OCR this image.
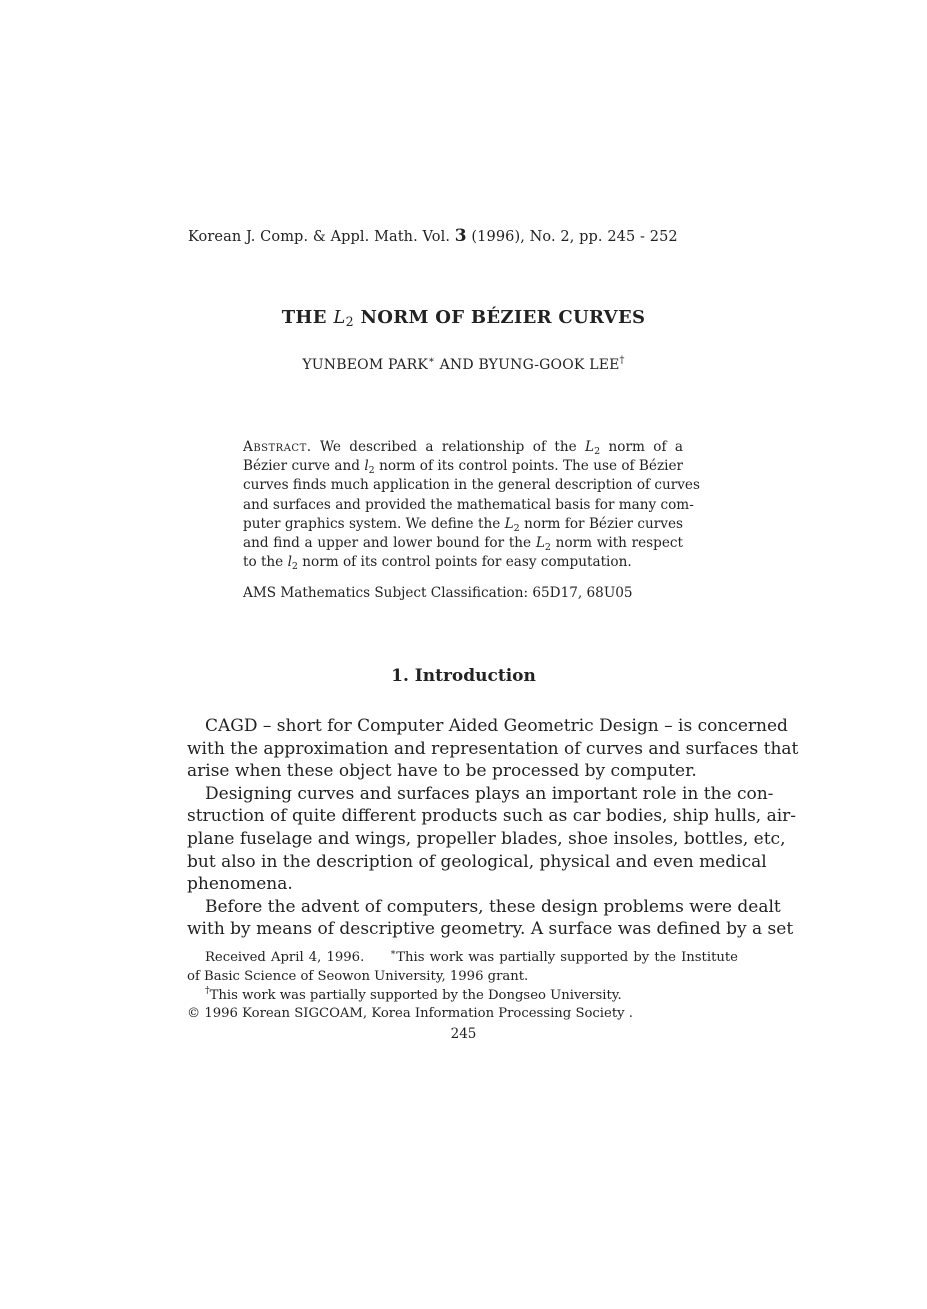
Korean J. Comp. & Appl. Math. Vol. 3 (1996), No. 2, pp. 245 - 252
THE $L_2$ NORM OF BÉZIER CURVES
YUNBEOM PARK∗ AND BYUNG-GOOK LEE†
Abstract. We described a relationship of the $L_2$ norm of a
Bézier curve and $l_2$ norm of its control points. The use of Bézier
curves finds much application in the general description of curves
and surfaces and provided the mathematical basis for many com-
puter graphics system. We define the $L_2$ norm for Bézier curves
and find a upper and lower bound for the $L_2$ norm with respect
to the $l_2$ norm of its control points for easy computation.
AMS Mathematics Subject Classification: 65D17, 68U05
1. Introduction
CAGD – short for Computer Aided Geometric Design – is concerned
with the approximation and representation of curves and surfaces that
arise when these object have to be processed by computer.
Designing curves and surfaces plays an important role in the con-
struction of quite different products such as car bodies, ship hulls, air-
plane fuselage and wings, propeller blades, shoe insoles, bottles, etc,
but also in the description of geological, physical and even medical
phenomena.
Before the advent of computers, these design problems were dealt
with by means of descriptive geometry. A surface was defined by a set
Received April 4, 1996.	∗This work was partially supported by the Institute
of Basic Science of Seowon University, 1996 grant.
†This work was partially supported by the Dongseo University.
© 1996 Korean SIGCOAM, Korea Information Processing Society .
245
